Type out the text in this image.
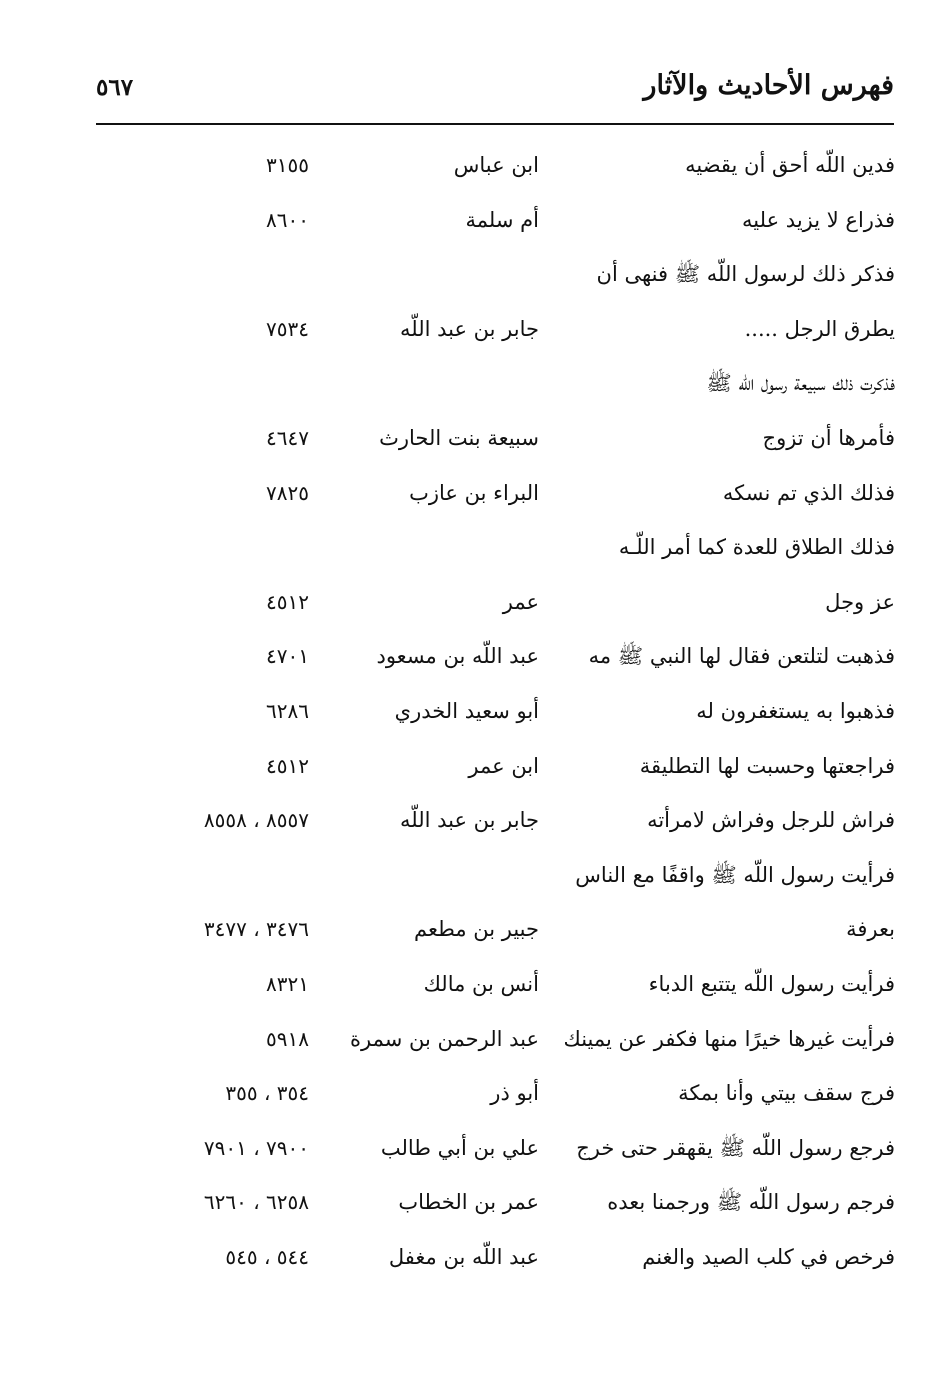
فهرس الأحاديث والآثار
٥٦٧
فدين اللّه أحق أن يقضيه
ابن عباس
٣١٥٥
فذراع لا يزيد عليه
أم سلمة
٨٦٠٠
فذكر ذلك لرسول اللّه ﷺ فنهى أن
يطرق الرجل .....
جابر بن عبد اللّه
٧٥٣٤
فذكرت ذلك سبيعة رسول اللّه ﷺ
فأمرها أن تزوج
سبيعة بنت الحارث
٤٦٤٧
فذلك الذي تم نسكه
البراء بن عازب
٧٨٢٥
فذلك الطلاق للعدة كما أمر اللّـه
عز وجل
عمر
٤٥١٢
فذهبت لتلتعن فقال لها النبي ﷺ مه
عبد اللّه بن مسعود
٤٧٠١
فذهبوا به يستغفرون له
أبو سعيد الخدري
٦٢٨٦
فراجعتها وحسبت لها التطليقة
ابن عمر
٤٥١٢
فراش للرجل وفراش لامرأته
جابر بن عبد اللّه
٨٥٥٧ ، ٨٥٥٨
فرأيت رسول اللّه ﷺ واقفًا مع الناس
بعرفة
جبير بن مطعم
٣٤٧٦ ، ٣٤٧٧
فرأيت رسول اللّه يتتبع الدباء
أنس بن مالك
٨٣٢١
فرأيت غيرها خيرًا منها فكفر عن يمينك
عبد الرحمن بن سمرة
٥٩١٨
فرج سقف بيتي وأنا بمكة
أبو ذر
٣٥٤ ، ٣٥٥
فرجع رسول اللّه ﷺ يقهقر حتى خرج
علي بن أبي طالب
٧٩٠٠ ، ٧٩٠١
فرجم رسول اللّه ﷺ ورجمنا بعده
عمر بن الخطاب
٦٢٥٨ ، ٦٢٦٠
فرخص في كلب الصيد والغنم
عبد اللّه بن مغفل
٥٤٤ ، ٥٤٥
